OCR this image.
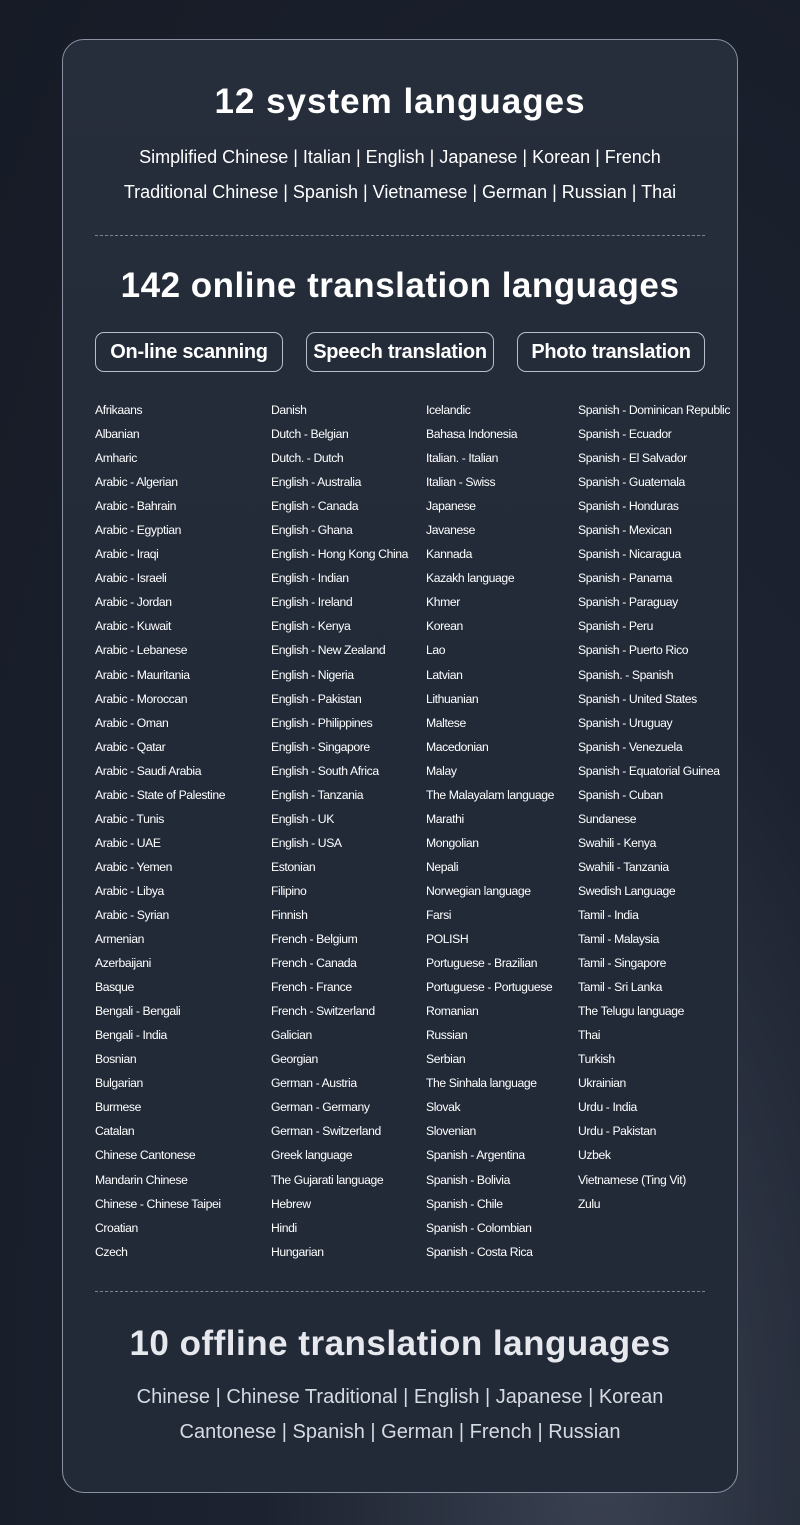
12 system languages
Simplified Chinese | Italian | English | Japanese | Korean | French
Traditional Chinese | Spanish | Vietnamese | German | Russian | Thai
142 online translation languages
On-line scanning	Speech translation	Photo translation
Afrikaans
Albanian
Amharic
Arabic - Algerian
Arabic - Bahrain
Arabic - Egyptian
Arabic - Iraqi
Arabic - Israeli
Arabic - Jordan
Arabic - Kuwait
Arabic - Lebanese
Arabic - Mauritania
Arabic - Moroccan
Arabic - Oman
Arabic - Qatar
Arabic - Saudi Arabia
Arabic - State of Palestine
Arabic - Tunis
Arabic - UAE
Arabic - Yemen
Arabic - Libya
Arabic - Syrian
Armenian
Azerbaijani
Basque
Bengali - Bengali
Bengali - India
Bosnian
Bulgarian
Burmese
Catalan
Chinese Cantonese
Mandarin Chinese
Chinese - Chinese Taipei
Croatian
Czech
Danish
Dutch - Belgian
Dutch. - Dutch
English - Australia
English - Canada
English - Ghana
English - Hong Kong China
English - Indian
English - Ireland
English - Kenya
English - New Zealand
English - Nigeria
English - Pakistan
English - Philippines
English - Singapore
English - South Africa
English - Tanzania
English - UK
English - USA
Estonian
Filipino
Finnish
French - Belgium
French - Canada
French - France
French - Switzerland
Galician
Georgian
German - Austria
German - Germany
German - Switzerland
Greek language
The Gujarati language
Hebrew
Hindi
Hungarian
Icelandic
Bahasa Indonesia
Italian. - Italian
Italian - Swiss
Japanese
Javanese
Kannada
Kazakh language
Khmer
Korean
Lao
Latvian
Lithuanian
Maltese
Macedonian
Malay
The Malayalam language
Marathi
Mongolian
Nepali
Norwegian language
Farsi
POLISH
Portuguese - Brazilian
Portuguese - Portuguese
Romanian
Russian
Serbian
The Sinhala language
Slovak
Slovenian
Spanish - Argentina
Spanish - Bolivia
Spanish - Chile
Spanish - Colombian
Spanish - Costa Rica
Spanish - Dominican Republic
Spanish - Ecuador
Spanish - El Salvador
Spanish - Guatemala
Spanish - Honduras
Spanish - Mexican
Spanish - Nicaragua
Spanish - Panama
Spanish - Paraguay
Spanish - Peru
Spanish - Puerto Rico
Spanish. - Spanish
Spanish - United States
Spanish - Uruguay
Spanish - Venezuela
Spanish - Equatorial Guinea
Spanish - Cuban
Sundanese
Swahili - Kenya
Swahili - Tanzania
Swedish Language
Tamil - India
Tamil - Malaysia
Tamil - Singapore
Tamil - Sri Lanka
The Telugu language
Thai
Turkish
Ukrainian
Urdu - India
Urdu - Pakistan
Uzbek
Vietnamese (Ting Vit)
Zulu
10 offline translation languages
Chinese | Chinese Traditional | English | Japanese | Korean
Cantonese | Spanish | German | French | Russian
